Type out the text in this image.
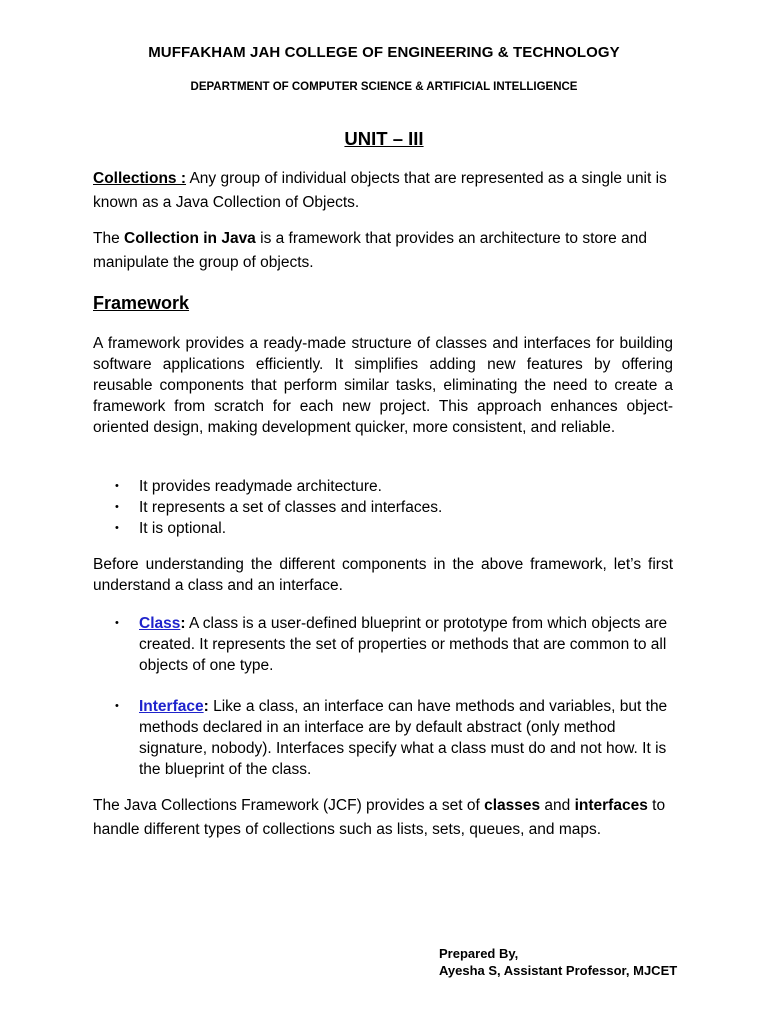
MUFFAKHAM JAH COLLEGE OF ENGINEERING & TECHNOLOGY
DEPARTMENT OF COMPUTER SCIENCE & ARTIFICIAL INTELLIGENCE
UNIT – III
Collections : Any group of individual objects that are represented as a single unit is known as a Java Collection of Objects.
The Collection in Java is a framework that provides an architecture to store and manipulate the group of objects.
Framework
A framework provides a ready-made structure of classes and interfaces for building software applications efficiently. It simplifies adding new features by offering reusable components that perform similar tasks, eliminating the need to create a framework from scratch for each new project. This approach enhances object-oriented design, making development quicker, more consistent, and reliable.
• It provides readymade architecture.
• It represents a set of classes and interfaces.
• It is optional.
Before understanding the different components in the above framework, let’s first understand a class and an interface.
• Class: A class is a user-defined blueprint or prototype from which objects are created. It represents the set of properties or methods that are common to all objects of one type.
• Interface: Like a class, an interface can have methods and variables, but the methods declared in an interface are by default abstract (only method signature, nobody). Interfaces specify what a class must do and not how. It is the blueprint of the class.
The Java Collections Framework (JCF) provides a set of classes and interfaces to handle different types of collections such as lists, sets, queues, and maps.
Prepared By,
Ayesha S, Assistant Professor, MJCET
